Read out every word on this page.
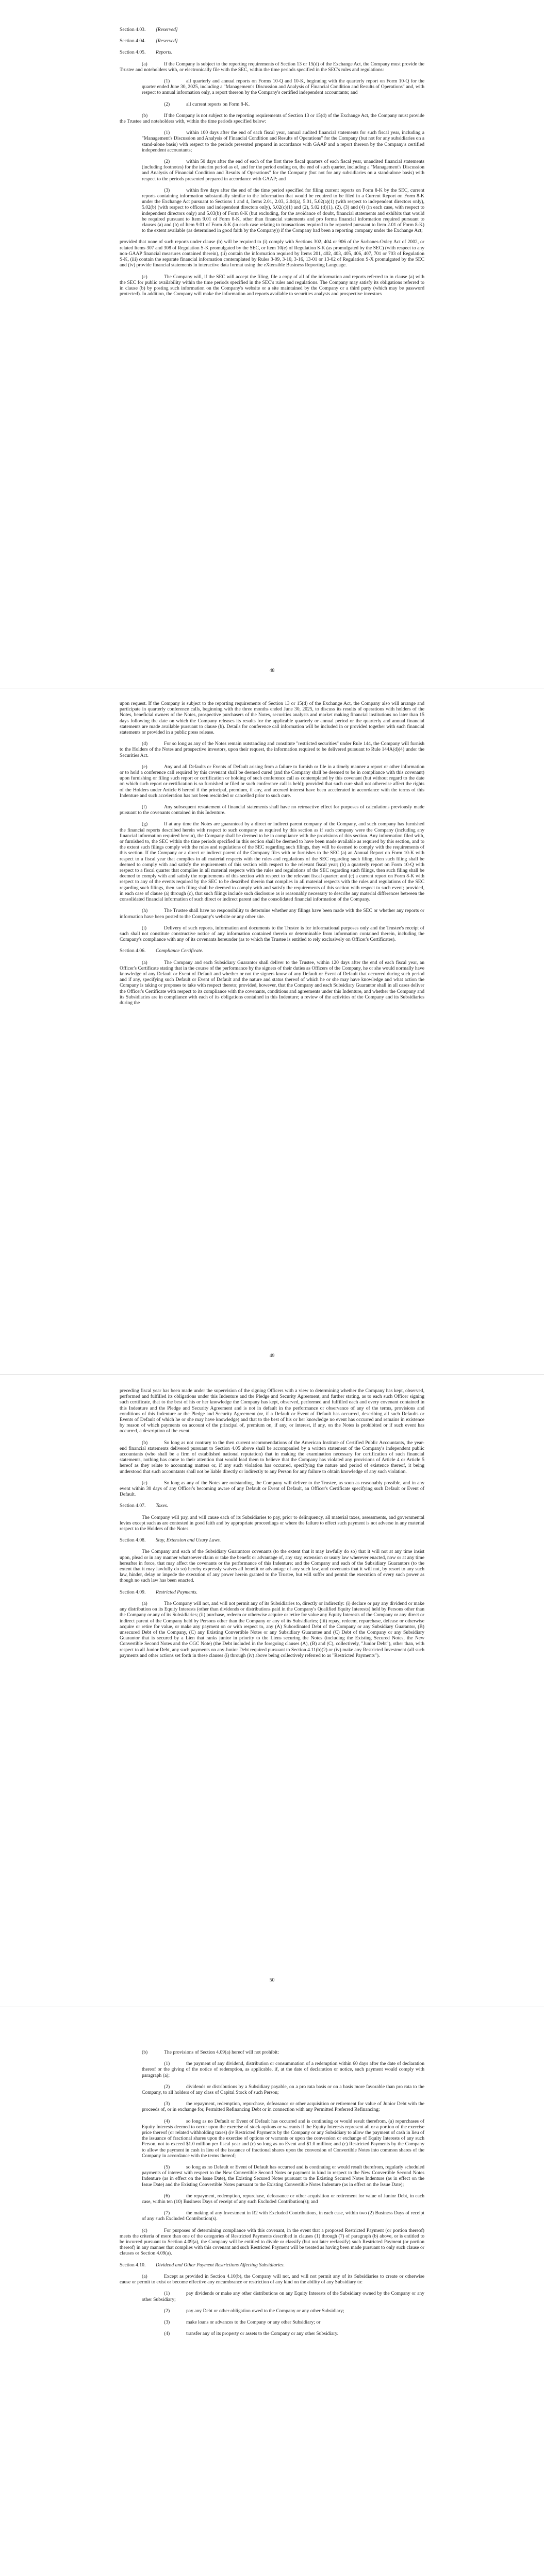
Section 4.03. [Reserved]

Section 4.04. [Reserved]

Section 4.05. Reports.

(a)	If the Company is subject to the reporting requirements of Section 13 or 15(d) of the Exchange Act, the Company must provide the Trustee and noteholders with, or electronically file with the SEC, within the time periods specified in the SEC's rules and regulations:

(1)	all quarterly and annual reports on Forms 10-Q and 10-K, beginning with the quarterly report on Form 10-Q for the quarter ended June 30, 2025, including a "Management's Discussion and Analysis of Financial Condition and Results of Operations" and, with respect to annual information only, a report thereon by the Company's certified independent accountants; and

(2)	all current reports on Form 8-K.

(b)	If the Company is not subject to the reporting requirements of Section 13 or 15(d) of the Exchange Act, the Company must provide the Trustee and noteholders with, within the time periods specified below:

(1)	within 100 days after the end of each fiscal year, annual audited financial statements for such fiscal year, including a "Management's Discussion and Analysis of Financial Condition and Results of Operations" for the Company (but not for any subsidiaries on a stand-alone basis) with respect to the periods presented prepared in accordance with GAAP and a report thereon by the Company's certified independent accountants;

(2)	within 50 days after the end of each of the first three fiscal quarters of each fiscal year, unaudited financial statements (including footnotes) for the interim period as of, and for the period ending on, the end of such quarter, including a "Management's Discussion and Analysis of Financial Condition and Results of Operations" for the Company (but not for any subsidiaries on a stand-alone basis) with respect to the periods presented prepared in accordance with GAAP; and

(3)	within five days after the end of the time period specified for filing current reports on Form 8-K by the SEC, current reports containing information substantially similar to the information that would be required to be filed in a Current Report on Form 8-K under the Exchange Act pursuant to Sections 1 and 4, Items 2.01, 2.03, 2.04(a), 5.01, 5.02(a)(1) (with respect to independent directors only), 5.02(b) (with respect to officers and independent directors only), 5.02(c)(1) and (2), 5.02 (d)(1), (2), (3) and (4) (in each case, with respect to independent directors only) and 5.03(b) of Form 8-K (but excluding, for the avoidance of doubt, financial statements and exhibits that would be required pursuant to Item 9.01 of Form 8-K, other than financial statements and pro forma financial information required pursuant to clauses (a) and (b) of Item 9.01 of Form 8-K (in each case relating to transactions required to be reported pursuant to Item 2.01 of Form 8-K) to the extent available (as determined in good faith by the Company)) if the Company had been a reporting company under the Exchange Act;

provided that none of such reports under clause (b) will be required to (i) comply with Sections 302, 404 or 906 of the Sarbanes-Oxley Act of 2002, or related Items 307 and 308 of Regulation S-K promulgated by the SEC, or Item 10(e) of Regulation S-K (as promulgated by the SEC) (with respect to any non-GAAP financial measures contained therein), (ii) contain the information required by Items 201, 402, 403, 405, 406, 407, 701 or 703 of Regulation S-K, (iii) contain the separate financial information contemplated by Rules 3-09, 3-10, 3-16, 13-01 or 13-02 of Regulation S-X promulgated by the SEC and (iv) provide financial statements in interactive data format using the eXtensible Business Reporting Language.

(c)	The Company will, if the SEC will accept the filing, file a copy of all of the information and reports referred to in clause (a) with the SEC for public availability within the time periods specified in the SEC's rules and regulations. The Company may satisfy its obligations referred to in clause (b) by posting such information on the Company's website or a site maintained by the Company or a third party (which may be password protected). In addition, the Company will make the information and reports available to securities analysts and prospective investors

48

upon request. If the Company is subject to the reporting requirements of Section 13 or 15(d) of the Exchange Act, the Company also will arrange and participate in quarterly conference calls, beginning with the three months ended June 30, 2025, to discuss its results of operations with holders of the Notes, beneficial owners of the Notes, prospective purchasers of the Notes, securities analysts and market making financial institutions no later than 15 days following the date on which the Company releases its results for the applicable quarterly or annual period or the quarterly and annual financial statements are made available pursuant to clause (b). Details for conference call information will be included in or provided together with such financial statements or provided in a public press release.

(d)	For so long as any of the Notes remain outstanding and constitute "restricted securities" under Rule 144, the Company will furnish to the Holders of the Notes and prospective investors, upon their request, the information required to be delivered pursuant to Rule 144A(d)(4) under the Securities Act.

(e)	Any and all Defaults or Events of Default arising from a failure to furnish or file in a timely manner a report or other information or to hold a conference call required by this covenant shall be deemed cured (and the Company shall be deemed to be in compliance with this covenant) upon furnishing or filing such report or certification or holding of such conference call as contemplated by this covenant (but without regard to the date on which such report or certification is so furnished or filed or such conference call is held); provided that such cure shall not otherwise affect the rights of the Holders under Article 6 hereof if the principal, premium, if any, and accrued interest have been accelerated in accordance with the terms of this Indenture and such acceleration has not been rescinded or cancelled prior to such cure.

(f)	Any subsequent restatement of financial statements shall have no retroactive effect for purposes of calculations previously made pursuant to the covenants contained in this Indenture.

(g)	If at any time the Notes are guaranteed by a direct or indirect parent company of the Company, and such company has furnished the financial reports described herein with respect to such company as required by this section as if such company were the Company (including any financial information required herein), the Company shall be deemed to be in compliance with the provisions of this section. Any information filed with, or furnished to, the SEC within the time periods specified in this section shall be deemed to have been made available as required by this section, and to the extent such filings comply with the rules and regulations of the SEC regarding such filings, they will be deemed to comply with the requirements of this section. If the Company or a direct or indirect parent of the Company files with or furnishes to the SEC (a) an Annual Report on Form 10-K with respect to a fiscal year that complies in all material respects with the rules and regulations of the SEC regarding such filing, then such filing shall be deemed to comply with and satisfy the requirements of this section with respect to the relevant fiscal year; (b) a quarterly report on Form 10-Q with respect to a fiscal quarter that complies in all material respects with the rules and regulations of the SEC regarding such filings, then such filing shall be deemed to comply with and satisfy the requirements of this section with respect to the relevant fiscal quarter; and (c) a current report on Form 8-K with respect to any of the events required by the SEC to be described therein that complies in all material respects with the rules and regulations of the SEC regarding such filings, then such filing shall be deemed to comply with and satisfy the requirements of this section with respect to such event; provided, in each case of clause (a) through (c), that such filings include such disclosure as is reasonably necessary to describe any material differences between the consolidated financial information of such direct or indirect parent and the consolidated financial information of the Company.

(h)	The Trustee shall have no responsibility to determine whether any filings have been made with the SEC or whether any reports or information have been posted to the Company's website or any other site.

(i)	Delivery of such reports, information and documents to the Trustee is for informational purposes only and the Trustee's receipt of such shall not constitute constructive notice of any information contained therein or determinable from information contained therein, including the Company's compliance with any of its covenants hereunder (as to which the Trustee is entitled to rely exclusively on Officer's Certificates).

Section 4.06. Compliance Certificate.

(a)	The Company and each Subsidiary Guarantor shall deliver to the Trustee, within 120 days after the end of each fiscal year, an Officer's Certificate stating that in the course of the performance by the signers of their duties as Officers of the Company, he or she would normally have knowledge of any Default or Event of Default and whether or not the signers know of any Default or Event of Default that occurred during such period and if any, specifying such Default or Event of Default and the nature and status thereof of which he or she may have knowledge and what action the Company is taking or proposes to take with respect thereto; provided, however, that the Company and each Subsidiary Guarantor shall in all cases deliver the Officer's Certificate with respect to its compliance with the covenants, conditions and agreements under this Indenture, and whether the Company and its Subsidiaries are in compliance with each of its obligations contained in this Indenture; a review of the activities of the Company and its Subsidiaries during the

49

preceding fiscal year has been made under the supervision of the signing Officers with a view to determining whether the Company has kept, observed, performed and fulfilled its obligations under this Indenture and the Pledge and Security Agreement, and further stating, as to each such Officer signing such certificate, that to the best of his or her knowledge the Company has kept, observed, performed and fulfilled each and every covenant contained in this Indenture and the Pledge and Security Agreement and is not in default in the performance or observance of any of the terms, provisions and conditions of this Indenture or the Pledge and Security Agreement (or, if a Default or Event of Default has occurred, describing all such Defaults or Events of Default of which he or she may have knowledge) and that to the best of his or her knowledge no event has occurred and remains in existence by reason of which payments on account of the principal of, premium on, if any, or interest, if any, on the Notes is prohibited or if such event has occurred, a description of the event.

(b)	So long as not contrary to the then current recommendations of the American Institute of Certified Public Accountants, the year-end financial statements delivered pursuant to Section 4.05 above shall be accompanied by a written statement of the Company's independent public accountants (who shall be a firm of established national reputation) that in making the examination necessary for certification of such financial statements, nothing has come to their attention that would lead them to believe that the Company has violated any provisions of Article 4 or Article 5 hereof as they relate to accounting matters or, if any such violation has occurred, specifying the nature and period of existence thereof, it being understood that such accountants shall not be liable directly or indirectly to any Person for any failure to obtain knowledge of any such violation.

(c)	So long as any of the Notes are outstanding, the Company will deliver to the Trustee, as soon as reasonably possible, and in any event within 30 days of any Officer's becoming aware of any Default or Event of Default, an Officer's Certificate specifying such Default or Event of Default.

Section 4.07. Taxes.

The Company will pay, and will cause each of its Subsidiaries to pay, prior to delinquency, all material taxes, assessments, and governmental levies except such as are contested in good faith and by appropriate proceedings or where the failure to effect such payment is not adverse in any material respect to the Holders of the Notes.

Section 4.08. Stay, Extension and Usury Laws.

The Company and each of the Subsidiary Guarantors covenants (to the extent that it may lawfully do so) that it will not at any time insist upon, plead or in any manner whatsoever claim or take the benefit or advantage of, any stay, extension or usury law wherever enacted, now or at any time hereafter in force, that may affect the covenants or the performance of this Indenture; and the Company and each of the Subsidiary Guarantors (to the extent that it may lawfully do so) hereby expressly waives all benefit or advantage of any such law, and covenants that it will not, by resort to any such law, hinder, delay or impede the execution of any power herein granted to the Trustee, but will suffer and permit the execution of every such power as though no such law has been enacted.

Section 4.09. Restricted Payments.

(a)	The Company will not, and will not permit any of its Subsidiaries to, directly or indirectly: (i) declare or pay any dividend or make any distribution on its Equity Interests (other than dividends or distributions paid in the Company's Qualified Equity Interests) held by Persons other than the Company or any of its Subsidiaries; (ii) purchase, redeem or otherwise acquire or retire for value any Equity Interests of the Company or any direct or indirect parent of the Company held by Persons other than the Company or any of its Subsidiaries; (iii) repay, redeem, repurchase, defease or otherwise acquire or retire for value, or make any payment on or with respect to, any (A) Subordinated Debt of the Company or any Subsidiary Guarantor, (B) unsecured Debt of the Company, (C) any Existing Convertible Notes or any Subsidiary Guarantee and (C) Debt of the Company or any Subsidiary Guarantor that is secured by a Lien that ranks junior in priority to the Liens securing the Notes (including the Existing Secured Notes, the New Convertible Second Notes and the CGC Note) (the Debt included in the foregoing clauses (A), (B) and (C), collectively, "Junior Debt"), other than, with respect to all Junior Debt, any such payments on any Junior Debt required pursuant to Section 4.11(b)(2) or (iv) make any Restricted Investment (all such payments and other actions set forth in these clauses (i) through (iv) above being collectively referred to as "Restricted Payments").

50

(b)	The provisions of Section 4.09(a) hereof will not prohibit:

(1)	the payment of any dividend, distribution or consummation of a redemption within 60 days after the date of declaration thereof or the giving of the notice of redemption, as applicable, if, at the date of declaration or notice, such payment would comply with paragraph (a);

(2)	dividends or distributions by a Subsidiary payable, on a pro rata basis or on a basis more favorable than pro rata to the Company, to all holders of any class of Capital Stock of such Person;

(3)	the repayment, redemption, repurchase, defeasance or other acquisition or retirement for value of Junior Debt with the proceeds of, or in exchange for, Permitted Refinancing Debt or in connection with any Permitted Preferred Refinancing;

(4)	so long as no Default or Event of Default has occurred and is continuing or would result therefrom, (a) repurchases of Equity Interests deemed to occur upon the exercise of stock options or warrants if the Equity Interests represent all or a portion of the exercise price thereof (or related withholding taxes) (iv Restricted Payments by the Company or any Subsidiary to allow the payment of cash in lieu of the issuance of fractional shares upon the exercise of options or warrants or upon the conversion or exchange of Equity Interests of any such Person, not to exceed $1.0 million per fiscal year and (c) so long as no Event and $1.0 million; and (c) Restricted Payments by the Company to allow the payment in cash in lieu of the issuance of fractional shares upon the conversion of Convertible Notes into common shares of the Company in accordance with the terms thereof;

(5)	so long as no Default or Event of Default has occurred and is continuing or would result therefrom, regularly scheduled payments of interest with respect to the New Convertible Second Notes or payment in kind in respect to the New Convertible Second Notes Indenture (as in effect on the Issue Date), the Existing Secured Notes pursuant to the Existing Secured Notes Indenture (as in effect on the Issue Date) and the Existing Convertible Notes pursuant to the Existing Convertible Notes Indenture (as in effect on the Issue Date);

(6)	the repayment, redemption, repurchase, defeasance or other acquisition or retirement for value of Junior Debt, in each case, within ten (10) Business Days of receipt of any such Excluded Contribution(s); and

(7)	the making of any Investment in R2 with Excluded Contributions, in each case, within two (2) Business Days of receipt of any such Excluded Contribution(s).

(c)	For purposes of determining compliance with this covenant, in the event that a proposed Restricted Payment (or portion thereof) meets the criteria of more than one of the categories of Restricted Payments described in clauses (1) through (7) of paragraph (b) above, or is entitled to be incurred pursuant to Section 4.09(a), the Company will be entitled to divide or classify (but not later reclassify) such Restricted Payment (or portion thereof) in any manner that complies with this covenant and such Restricted Payment will be treated as having been made pursuant to only such clause or clauses or Section 4.09(a).

Section 4.10. Dividend and Other Payment Restrictions Affecting Subsidiaries.

(a)	Except as provided in Section 4.10(b), the Company will not, and will not permit any of its Subsidiaries to create or otherwise cause or permit to exist or become effective any encumbrance or restriction of any kind on the ability of any Subsidiary to:

(1)	pay dividends or make any other distributions on any Equity Interests of the Subsidiary owned by the Company or any other Subsidiary;

(2)	pay any Debt or other obligation owed to the Company or any other Subsidiary;

(3)	make loans or advances to the Company or any other Subsidiary; or

(4)	transfer any of its property or assets to the Company or any other Subsidiary.
